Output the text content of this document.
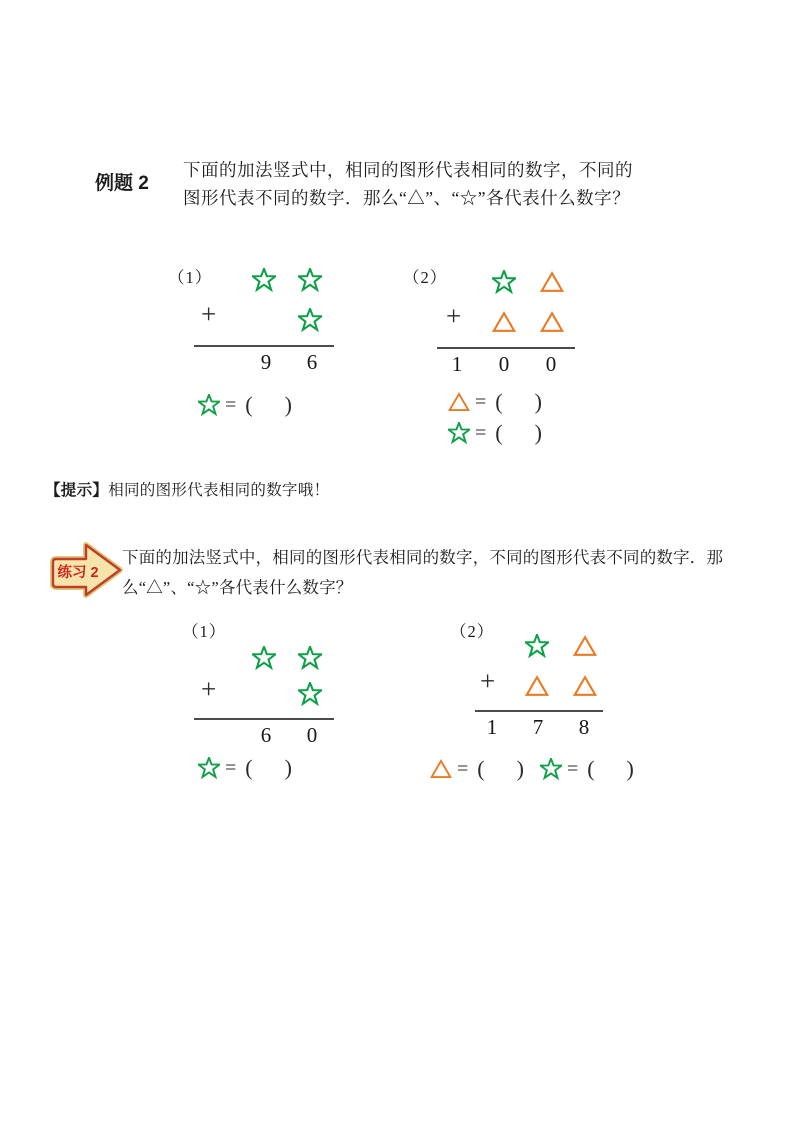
例题 2
下面的加法竖式中，相同的图形代表相同的数字，不同的
图形代表不同的数字．那么“△”、“☆”各代表什么数字？
（1）
+
9	6
= ( )
（2）
+
1	0	0
= ( )
= ( )
【提示】相同的图形代表相同的数字哦！
练习 2
下面的加法竖式中，相同的图形代表相同的数字，不同的图形代表不同的数字．那
么“△”、“☆”各代表什么数字？
（1）
+
6	0
= ( )
（2）
+
1	7	8
= ( ) = ( )
